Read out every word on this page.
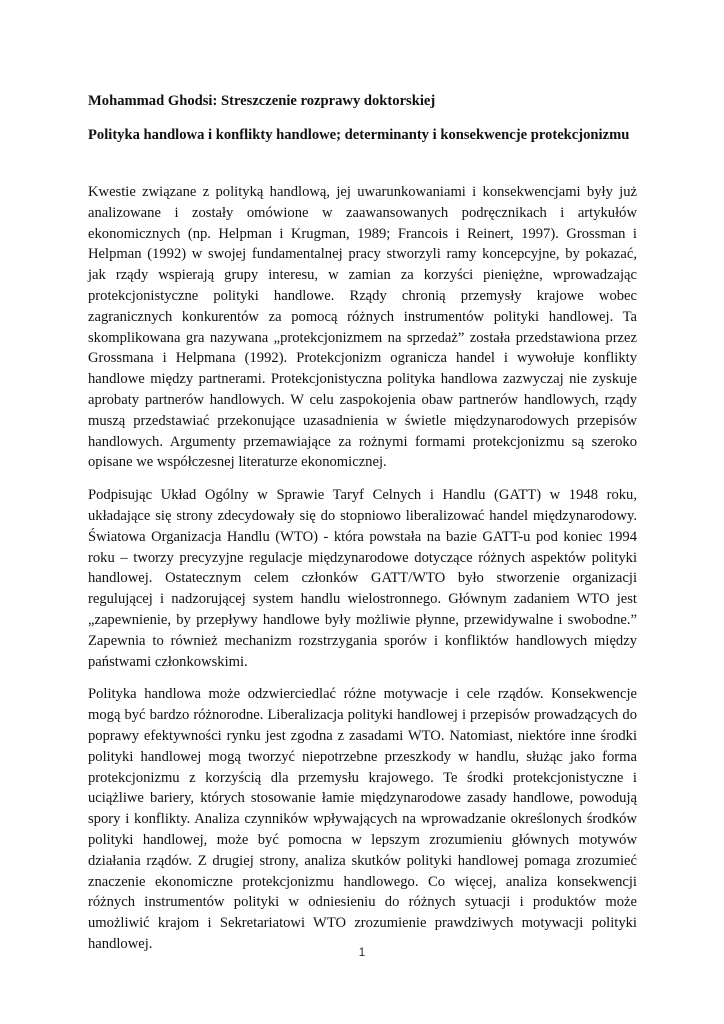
Mohammad Ghodsi: Streszczenie rozprawy doktorskiej

Polityka handlowa i konflikty handlowe; determinanty i konsekwencje protekcjonizmu

Kwestie związane z polityką handlową, jej uwarunkowaniami i konsekwencjami były już analizowane i zostały omówione w zaawansowanych podręcznikach i artykułów ekonomicznych (np. Helpman i Krugman, 1989; Francois i Reinert, 1997). Grossman i Helpman (1992) w swojej fundamentalnej pracy stworzyli ramy koncepcyjne, by pokazać, jak rządy wspierają grupy interesu, w zamian za korzyści pieniężne, wprowadzając protekcjonistyczne polityki handlowe. Rządy chronią przemysły krajowe wobec zagranicznych konkurentów za pomocą różnych instrumentów polityki handlowej. Ta skomplikowana gra nazywana „protekcjonizmem na sprzedaż” została przedstawiona przez Grossmana i Helpmana (1992). Protekcjonizm ogranicza handel i wywołuje konflikty handlowe między partnerami. Protekcjonistyczna polityka handlowa zazwyczaj nie zyskuje aprobaty partnerów handlowych. W celu zaspokojenia obaw partnerów handlowych, rządy muszą przedstawiać przekonujące uzasadnienia w świetle międzynarodowych przepisów handlowych. Argumenty przemawiające za rożnymi formami protekcjonizmu są szeroko opisane we współczesnej literaturze ekonomicznej.

Podpisując Układ Ogólny w Sprawie Taryf Celnych i Handlu (GATT) w 1948 roku, układające się strony zdecydowały się do stopniowo liberalizować handel międzynarodowy. Światowa Organizacja Handlu (WTO) - która powstała na bazie GATT-u pod koniec 1994 roku – tworzy precyzyjne regulacje międzynarodowe dotyczące różnych aspektów polityki handlowej. Ostatecznym celem członków GATT/WTO było stworzenie organizacji regulującej i nadzorującej system handlu wielostronnego. Głównym zadaniem WTO jest „zapewnienie, by przepływy handlowe były możliwie płynne, przewidywalne i swobodne.” Zapewnia to również mechanizm rozstrzygania sporów i konfliktów handlowych między państwami członkowskimi.

Polityka handlowa może odzwierciedlać różne motywacje i cele rządów. Konsekwencje mogą być bardzo różnorodne. Liberalizacja polityki handlowej i przepisów prowadzących do poprawy efektywności rynku jest zgodna z zasadami WTO. Natomiast, niektóre inne środki polityki handlowej mogą tworzyć niepotrzebne przeszkody w handlu, służąc jako forma protekcjonizmu z korzyścią dla przemysłu krajowego. Te środki protekcjonistyczne i uciążliwe bariery, których stosowanie łamie międzynarodowe zasady handlowe, powodują spory i konflikty. Analiza czynników wpływających na wprowadzanie określonych środków polityki handlowej, może być pomocna w lepszym zrozumieniu głównych motywów działania rządów. Z drugiej strony, analiza skutków polityki handlowej pomaga zrozumieć znaczenie ekonomiczne protekcjonizmu handlowego. Co więcej, analiza konsekwencji różnych instrumentów polityki w odniesieniu do różnych sytuacji i produktów może umożliwić krajom i Sekretariatowi WTO zrozumienie prawdziwych motywacji polityki handlowej.

1
